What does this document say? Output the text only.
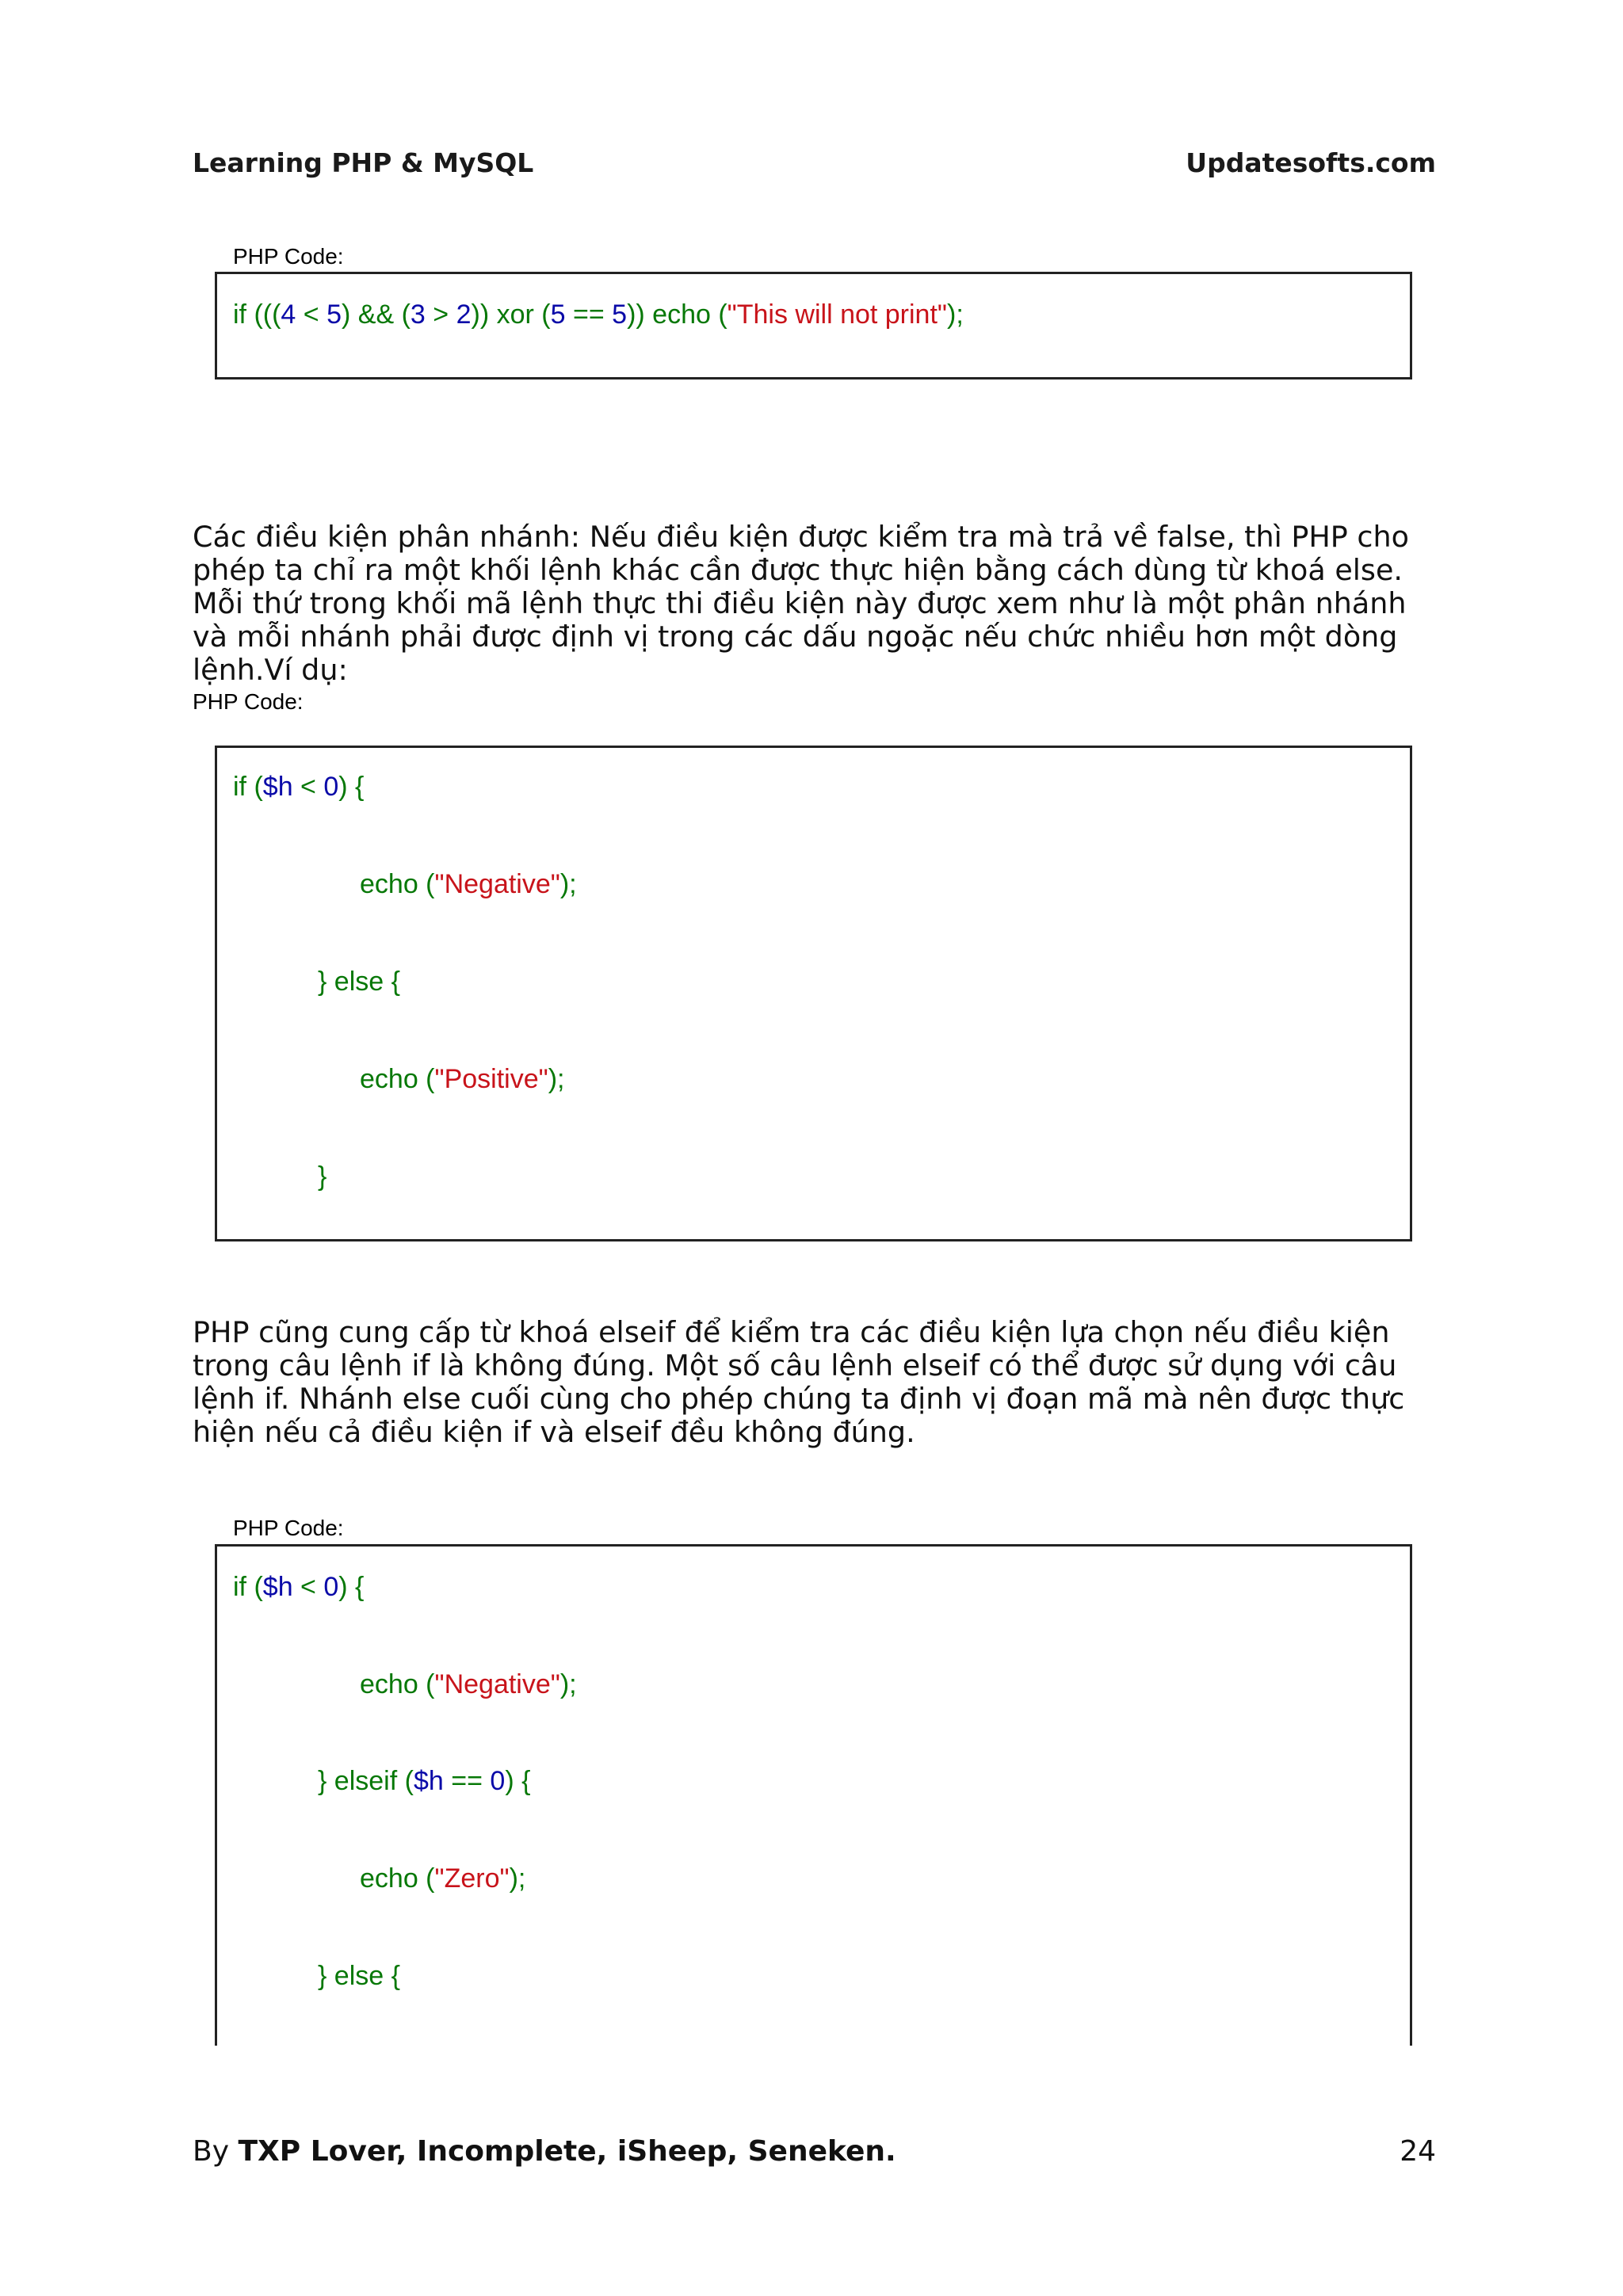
Learning PHP & MySQL	Updatesofts.com
PHP Code:
if (((4 < 5) && (3 > 2)) xor (5 == 5)) echo ("This will not print");
Các điều kiện phân nhánh: Nếu điều kiện được kiểm tra mà trả về false, thì PHP cho phép ta chỉ ra một khối lệnh khác cần được thực hiện bằng cách dùng từ khoá else. Mỗi thứ trong khối mã lệnh thực thi điều kiện này được xem như là một phân nhánh và mỗi nhánh phải được định vị trong các dấu ngoặc nếu chức nhiều hơn một dòng lệnh.Ví dụ:
PHP Code:
if ($h < 0) {
echo ("Negative");
} else {
echo ("Positive");
}
PHP cũng cung cấp từ khoá elseif để kiểm tra các điều kiện lựa chọn nếu điều kiện trong câu lệnh if là không đúng. Một số câu lệnh elseif có thể được sử dụng với câu lệnh if. Nhánh else cuối cùng cho phép chúng ta định vị đoạn mã mà nên được thực hiện nếu cả điều kiện if và elseif đều không đúng.
PHP Code:
if ($h < 0) {
echo ("Negative");
} elseif ($h == 0) {
echo ("Zero");
} else {
By TXP Lover, Incomplete, iSheep, Seneken.	24
